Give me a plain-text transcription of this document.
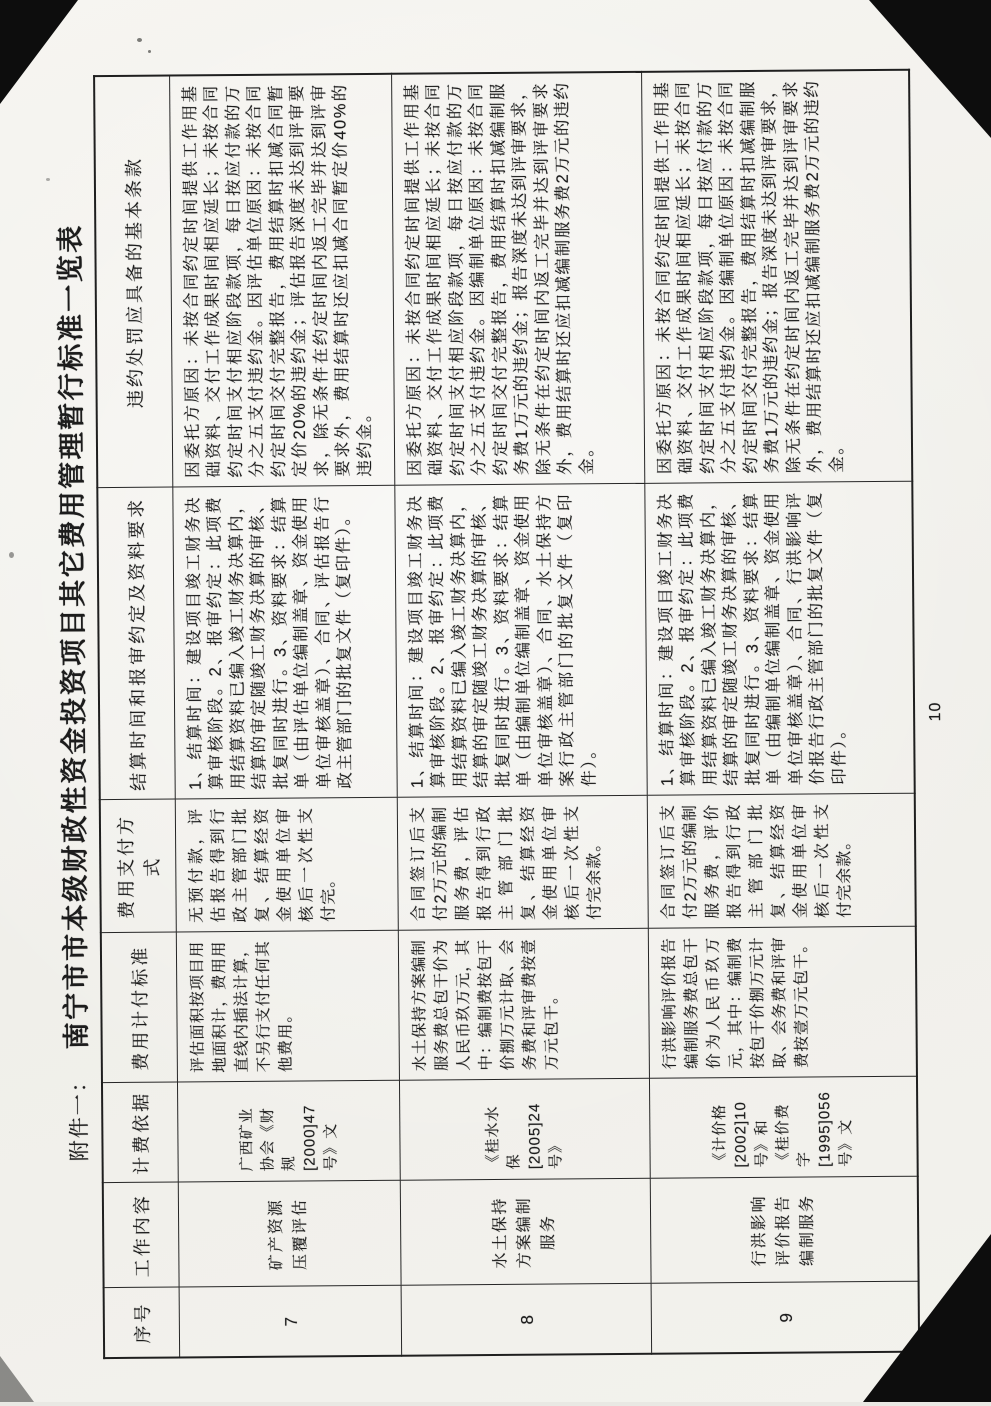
附件一：
南宁市市本级财政性资金投资项目其它费用管理暂行标准一览表
序号	工作内容	计费依据	费用计付标准	费用支付方式	结算时间和报审约定及资料要求	违约处罚应具备的基本条款
7	矿产资源压覆评估	广西矿业协会《财规[2000]47号》文	评估面积按项目用地面积计，费用用直线内插法计算，不另行支付任何其他费用。	无预付款，评估报告得到行政主管部门批复、结算经资金使用单位审核后一次性支付完。	1、结算时间：建设项目竣工财务决算审核阶段。2、报审约定：此项费用结算资料已编入竣工财务决算内，结算的审定随竣工财务决算的审核、批复同时进行。3、资料要求：结算单（由评估单位编制盖章、资金使用单位审核盖章）、合同、评估报告行政主管部门的批复文件（复印件）。	因委托方原因：未按合同约定时间提供工作用基础资料、交付工作成果时间相应延长；未按合同约定时间支付相应阶段款项，每日按应付款的万分之五支付违约金。因评估单位原因：未按合同约定时间交付完整报告，费用结算时扣减合同暂定价20%的违约金；评估报告深度未达到评审要求，除无条件在约定时间内返工完毕并达到评审要求外，费用结算时还应扣减合同暂定价40%的违约金。
8	水土保持方案编制服务	《桂水水保[2005]24号》	水土保持方案编制服务费总包干价为人民币玖万元，其中：编制费按包干价捌万元计取、会务费和评审费按壹万元包干。	合同签订后支付2万元的编制服务费，评估报告得到行政主管部门批复、结算经资金使用单位审核后一次性支付完余款。	1、结算时间：建设项目竣工财务决算审核阶段。2、报审约定：此项费用结算资料已编入竣工财务决算内，结算的审定随竣工财务决算的审核、批复同时进行。3、资料要求：结算单（由编制单位编制盖章、资金使用单位审核盖章）、合同、水土保持方案行政主管部门的批复文件（复印件）。	因委托方原因：未按合同约定时间提供工作用基础资料、交付工作成果时间相应延长；未按合同约定时间支付相应阶段款项，每日按应付款的万分之五支付违约金。因编制单位原因：未按合同约定时间交付完整报告，费用结算时扣减编制服务费1万元的违约金；报告深度未达到评审要求，除无条件在约定时间内返工完毕并达到评审要求外，费用结算时还应扣减编制服务费2万元的违约金。
9	行洪影响评价报告编制服务	《计价格[2002]10号》和《桂价费字[1995]056号》文	行洪影响评价报告编制服务费总包干价为人民币玖万元，其中：编制费按包干价捌万元计取、会务费和评审费按壹万元包干。	合同签订后支付2万元的编制服务费，评价报告得到行政主管部门批复、结算经资金使用单位审核后一次性支付完余款。	1、结算时间：建设项目竣工财务决算审核阶段。2、报审约定：此项费用结算资料已编入竣工财务决算内，结算的审定随竣工财务决算的审核、批复同时进行。3、资料要求：结算单（由编制单位编制盖章、资金使用单位审核盖章）、合同、行洪影响评价报告行政主管部门的批复文件（复印件）。	因委托方原因：未按合同约定时间提供工作用基础资料、交付工作成果时间相应延长；未按合同约定时间支付相应阶段款项，每日按应付款的万分之五支付违约金。因编制单位原因：未按合同约定时间交付完整报告，费用结算时扣减编制服务费1万元的违约金；报告深度未达到评审要求，除无条件在约定时间内返工完毕并达到评审要求外，费用结算时还应扣减编制服务费2万元的违约金。
10
